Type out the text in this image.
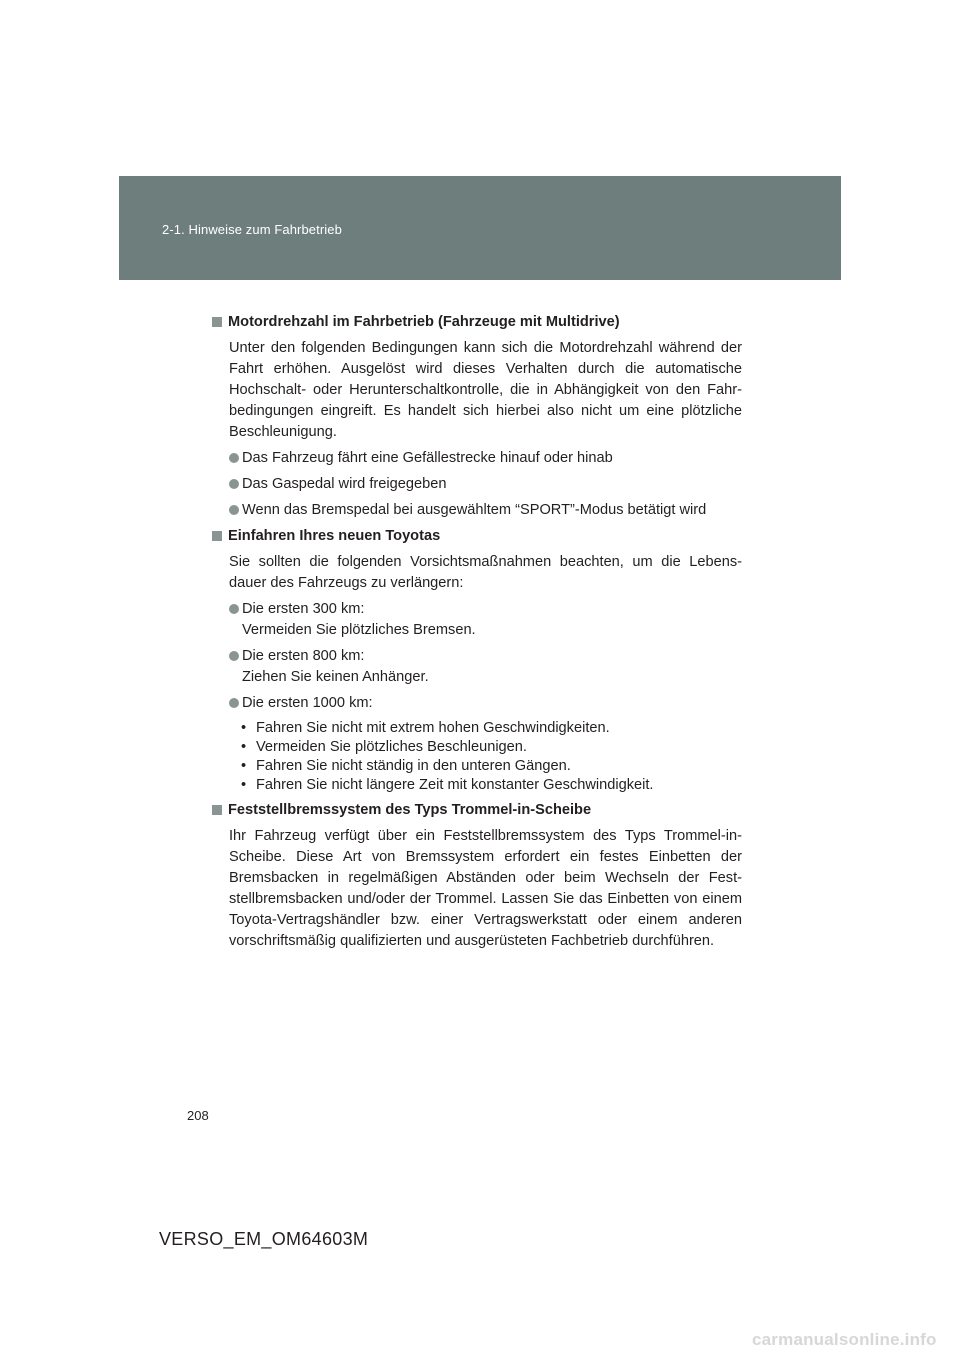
2-1. Hinweise zum Fahrbetrieb
Motordrehzahl im Fahrbetrieb (Fahrzeuge mit Multidrive)
Unter den folgenden Bedingungen kann sich die Motordrehzahl während der Fahrt erhöhen. Ausgelöst wird dieses Verhalten durch die automatische Hochschalt- oder Herunterschaltkontrolle, die in Abhängigkeit von den Fahr-bedingungen eingreift. Es handelt sich hierbei also nicht um eine plötzliche Beschleunigung.
Das Fahrzeug fährt eine Gefällestrecke hinauf oder hinab
Das Gaspedal wird freigegeben
Wenn das Bremspedal bei ausgewähltem “SPORT”-Modus betätigt wird
Einfahren Ihres neuen Toyotas
Sie sollten die folgenden Vorsichtsmaßnahmen beachten, um die Lebens-dauer des Fahrzeugs zu verlängern:
Die ersten 300 km:
Vermeiden Sie plötzliches Bremsen.
Die ersten 800 km:
Ziehen Sie keinen Anhänger.
Die ersten 1000 km:
• Fahren Sie nicht mit extrem hohen Geschwindigkeiten.
• Vermeiden Sie plötzliches Beschleunigen.
• Fahren Sie nicht ständig in den unteren Gängen.
• Fahren Sie nicht längere Zeit mit konstanter Geschwindigkeit.
Feststellbremssystem des Typs Trommel-in-Scheibe
Ihr Fahrzeug verfügt über ein Feststellbremssystem des Typs Trommel-in-Scheibe. Diese Art von Bremssystem erfordert ein festes Einbetten der Bremsbacken in regelmäßigen Abständen oder beim Wechseln der Fest-stellbremsbacken und/oder der Trommel. Lassen Sie das Einbetten von einem Toyota-Vertragshändler bzw. einer Vertragswerkstatt oder einem anderen vorschriftsmäßig qualifizierten und ausgerüsteten Fachbetrieb durchführen.
208
VERSO_EM_OM64603M
carmanualsonline.info
